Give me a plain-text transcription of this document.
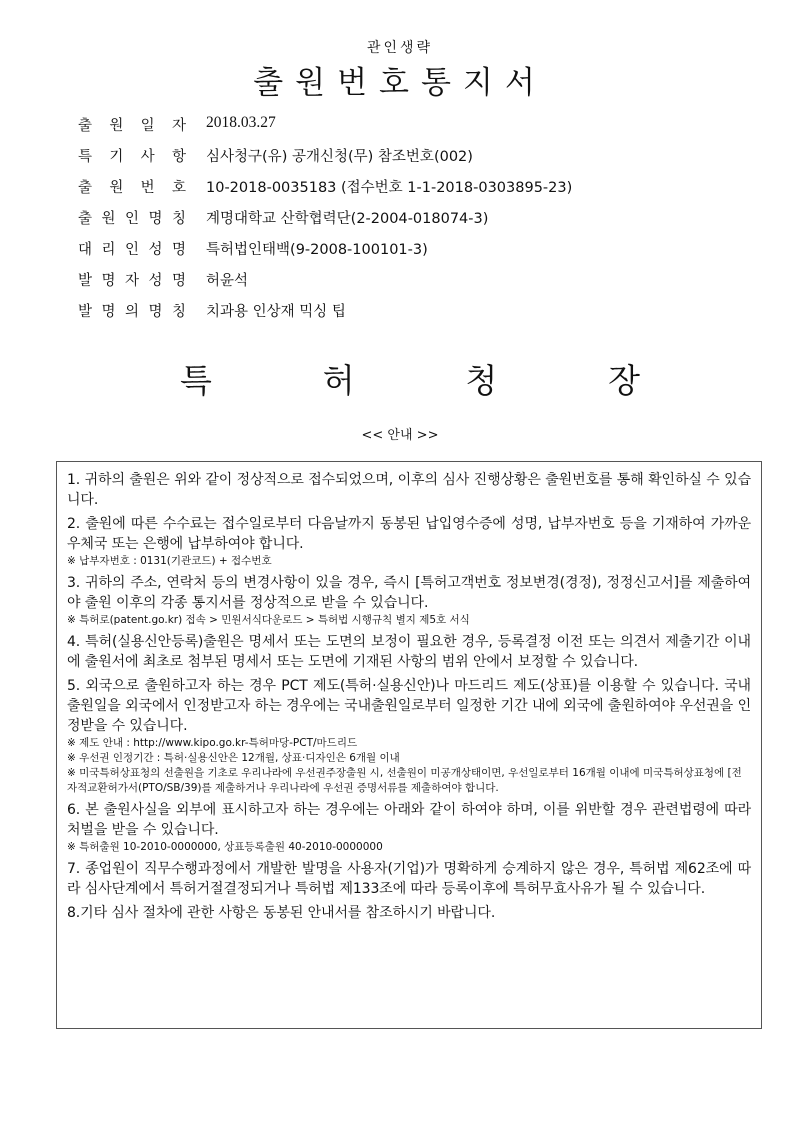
관인생략
출원번호통지서
출 원 일 자 2018.03.27
특 기 사 항 심사청구(유) 공개신청(무) 참조번호(002)
출 원 번 호 10-2018-0035183 (접수번호 1-1-2018-0303895-23)
출 원 인 명 칭 계명대학교 산학협력단(2-2004-018074-3)
대 리 인 성 명 특허법인태백(9-2008-100101-3)
발 명 자 성 명 허윤석
발 명 의 명 칭 치과용 인상재 믹싱 팁
특	허	청	장
<< 안내 >>
1. 귀하의 출원은 위와 같이 정상적으로 접수되었으며, 이후의 심사 진행상황은 출원번호를 통해 확인하실 수 있습니다.
2. 출원에 따른 수수료는 접수일로부터 다음날까지 동봉된 납입영수증에 성명, 납부자번호 등을 기재하여 가까운 우체국 또는 은행에 납부하여야 합니다.
※ 납부자번호 : 0131(기관코드) + 접수번호
3. 귀하의 주소, 연락처 등의 변경사항이 있을 경우, 즉시 [특허고객번호 정보변경(경정), 정정신고서]를 제출하여야 출원 이후의 각종 통지서를 정상적으로 받을 수 있습니다.
※ 특허로(patent.go.kr) 접속 > 민원서식다운로드 > 특허법 시행규칙 별지 제5호 서식
4. 특허(실용신안등록)출원은 명세서 또는 도면의 보정이 필요한 경우, 등록결정 이전 또는 의견서 제출기간 이내에 출원서에 최초로 첨부된 명세서 또는 도면에 기재된 사항의 범위 안에서 보정할 수 있습니다.
5. 외국으로 출원하고자 하는 경우 PCT 제도(특허·실용신안)나 마드리드 제도(상표)를 이용할 수 있습니다. 국내출원일을 외국에서 인정받고자 하는 경우에는 국내출원일로부터 일정한 기간 내에 외국에 출원하여야 우선권을 인정받을 수 있습니다.
※ 제도 안내 : http://www.kipo.go.kr-특허마당-PCT/마드리드
※ 우선권 인정기간 : 특허·실용신안은 12개월, 상표·디자인은 6개월 이내
※ 미국특허상표청의 선출원을 기초로 우리나라에 우선권주장출원 시, 선출원이 미공개상태이면, 우선일로부터 16개월 이내에 미국특허상표청에 [전자적교환허가서(PTO/SB/39)를 제출하거나 우리나라에 우선권 증명서류를 제출하여야 합니다.
6. 본 출원사실을 외부에 표시하고자 하는 경우에는 아래와 같이 하여야 하며, 이를 위반할 경우 관련법령에 따라 처벌을 받을 수 있습니다.
※ 특허출원 10-2010-0000000, 상표등록출원 40-2010-0000000
7. 종업원이 직무수행과정에서 개발한 발명을 사용자(기업)가 명확하게 승계하지 않은 경우, 특허법 제62조에 따라 심사단계에서 특허거절결정되거나 특허법 제133조에 따라 등록이후에 특허무효사유가 될 수 있습니다.
8.기타 심사 절차에 관한 사항은 동봉된 안내서를 참조하시기 바랍니다.
